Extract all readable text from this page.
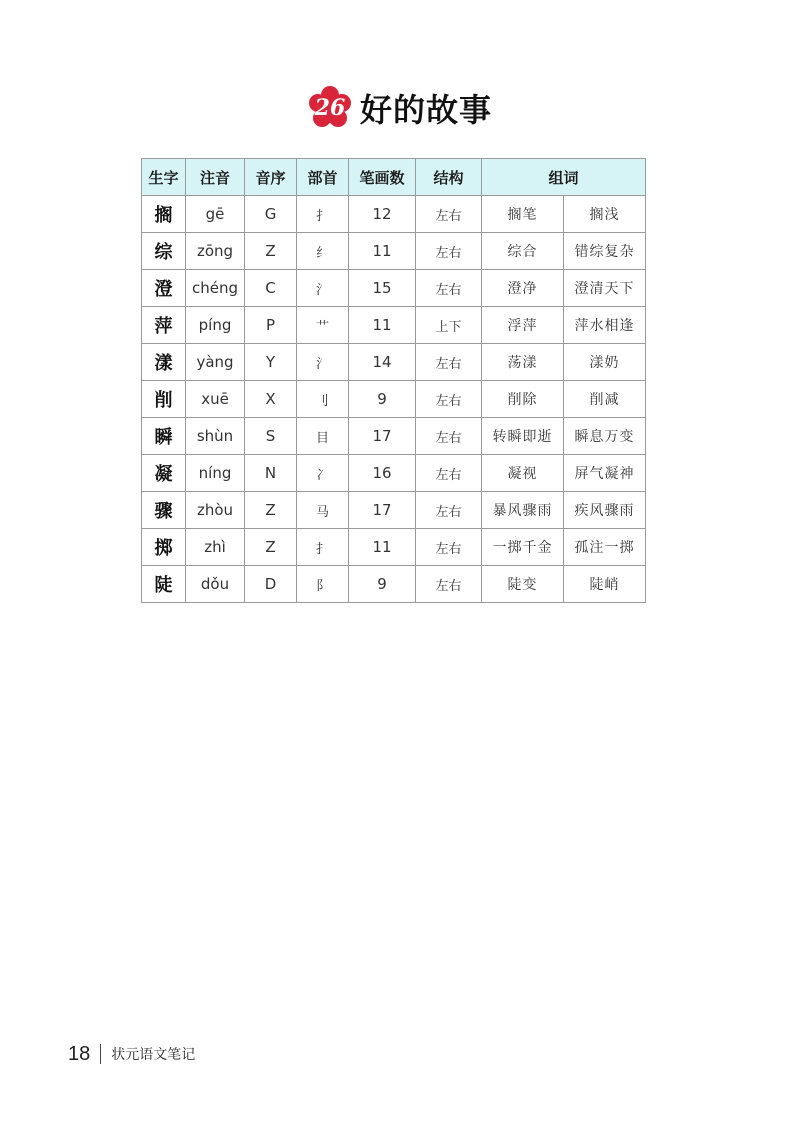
26 好的故事
生字	注音	音序	部首	笔画数	结构	组词	
搁	gē	G	扌	12	左右	搁笔	搁浅
综	zōng	Z	纟	11	左右	综合	错综复杂
澄	chéng	C	氵	15	左右	澄净	澄清天下
萍	píng	P	艹	11	上下	浮萍	萍水相逢
漾	yàng	Y	氵	14	左右	荡漾	漾奶
削	xuē	X	刂	9	左右	削除	削减
瞬	shùn	S	目	17	左右	转瞬即逝	瞬息万变
凝	níng	N	冫	16	左右	凝视	屏气凝神
骤	zhòu	Z	马	17	左右	暴风骤雨	疾风骤雨
掷	zhì	Z	扌	11	左右	一掷千金	孤注一掷
陡	dǒu	D	阝	9	左右	陡变	陡峭
18 状元语文笔记
